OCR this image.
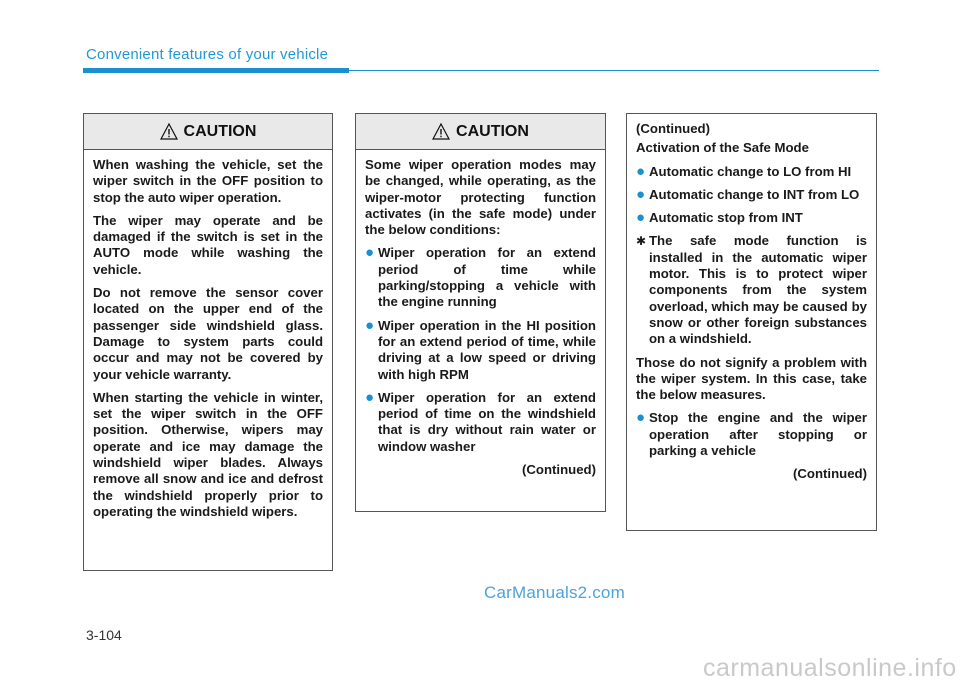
Convenient features of your vehicle
CAUTION

When washing the vehicle, set the wiper switch in the OFF position to stop the auto wiper operation.

The wiper may operate and be damaged if the switch is set in the AUTO mode while washing the vehicle.

Do not remove the sensor cover located on the upper end of the passenger side windshield glass. Damage to system parts could occur and may not be covered by your vehicle warranty.

When starting the vehicle in winter, set the wiper switch in the OFF position. Otherwise, wipers may operate and ice may damage the windshield wiper blades. Always remove all snow and ice and defrost the windshield properly prior to operating the windshield wipers.

CAUTION

Some wiper operation modes may be changed, while operating, as the wiper-motor protecting function activates (in the safe mode) under the below conditions:

● Wiper operation for an extend period of time while parking/stopping a vehicle with the engine running
● Wiper operation in the HI position for an extend period of time, while driving at a low speed or driving with high RPM
● Wiper operation for an extend period of time on the windshield that is dry without rain water or window washer
(Continued)

(Continued)

Activation of the Safe Mode

● Automatic change to LO from HI
● Automatic change to INT from LO
● Automatic stop from INT
✱ The safe mode function is installed in the automatic wiper motor. This is to protect wiper components from the system overload, which may be caused by snow or other foreign substances on a windshield.

Those do not signify a problem with the wiper system. In this case, take the below measures.

● Stop the engine and the wiper operation after stopping or parking a vehicle
(Continued)
CarManuals2.com
3-104
carmanualsonline.info
